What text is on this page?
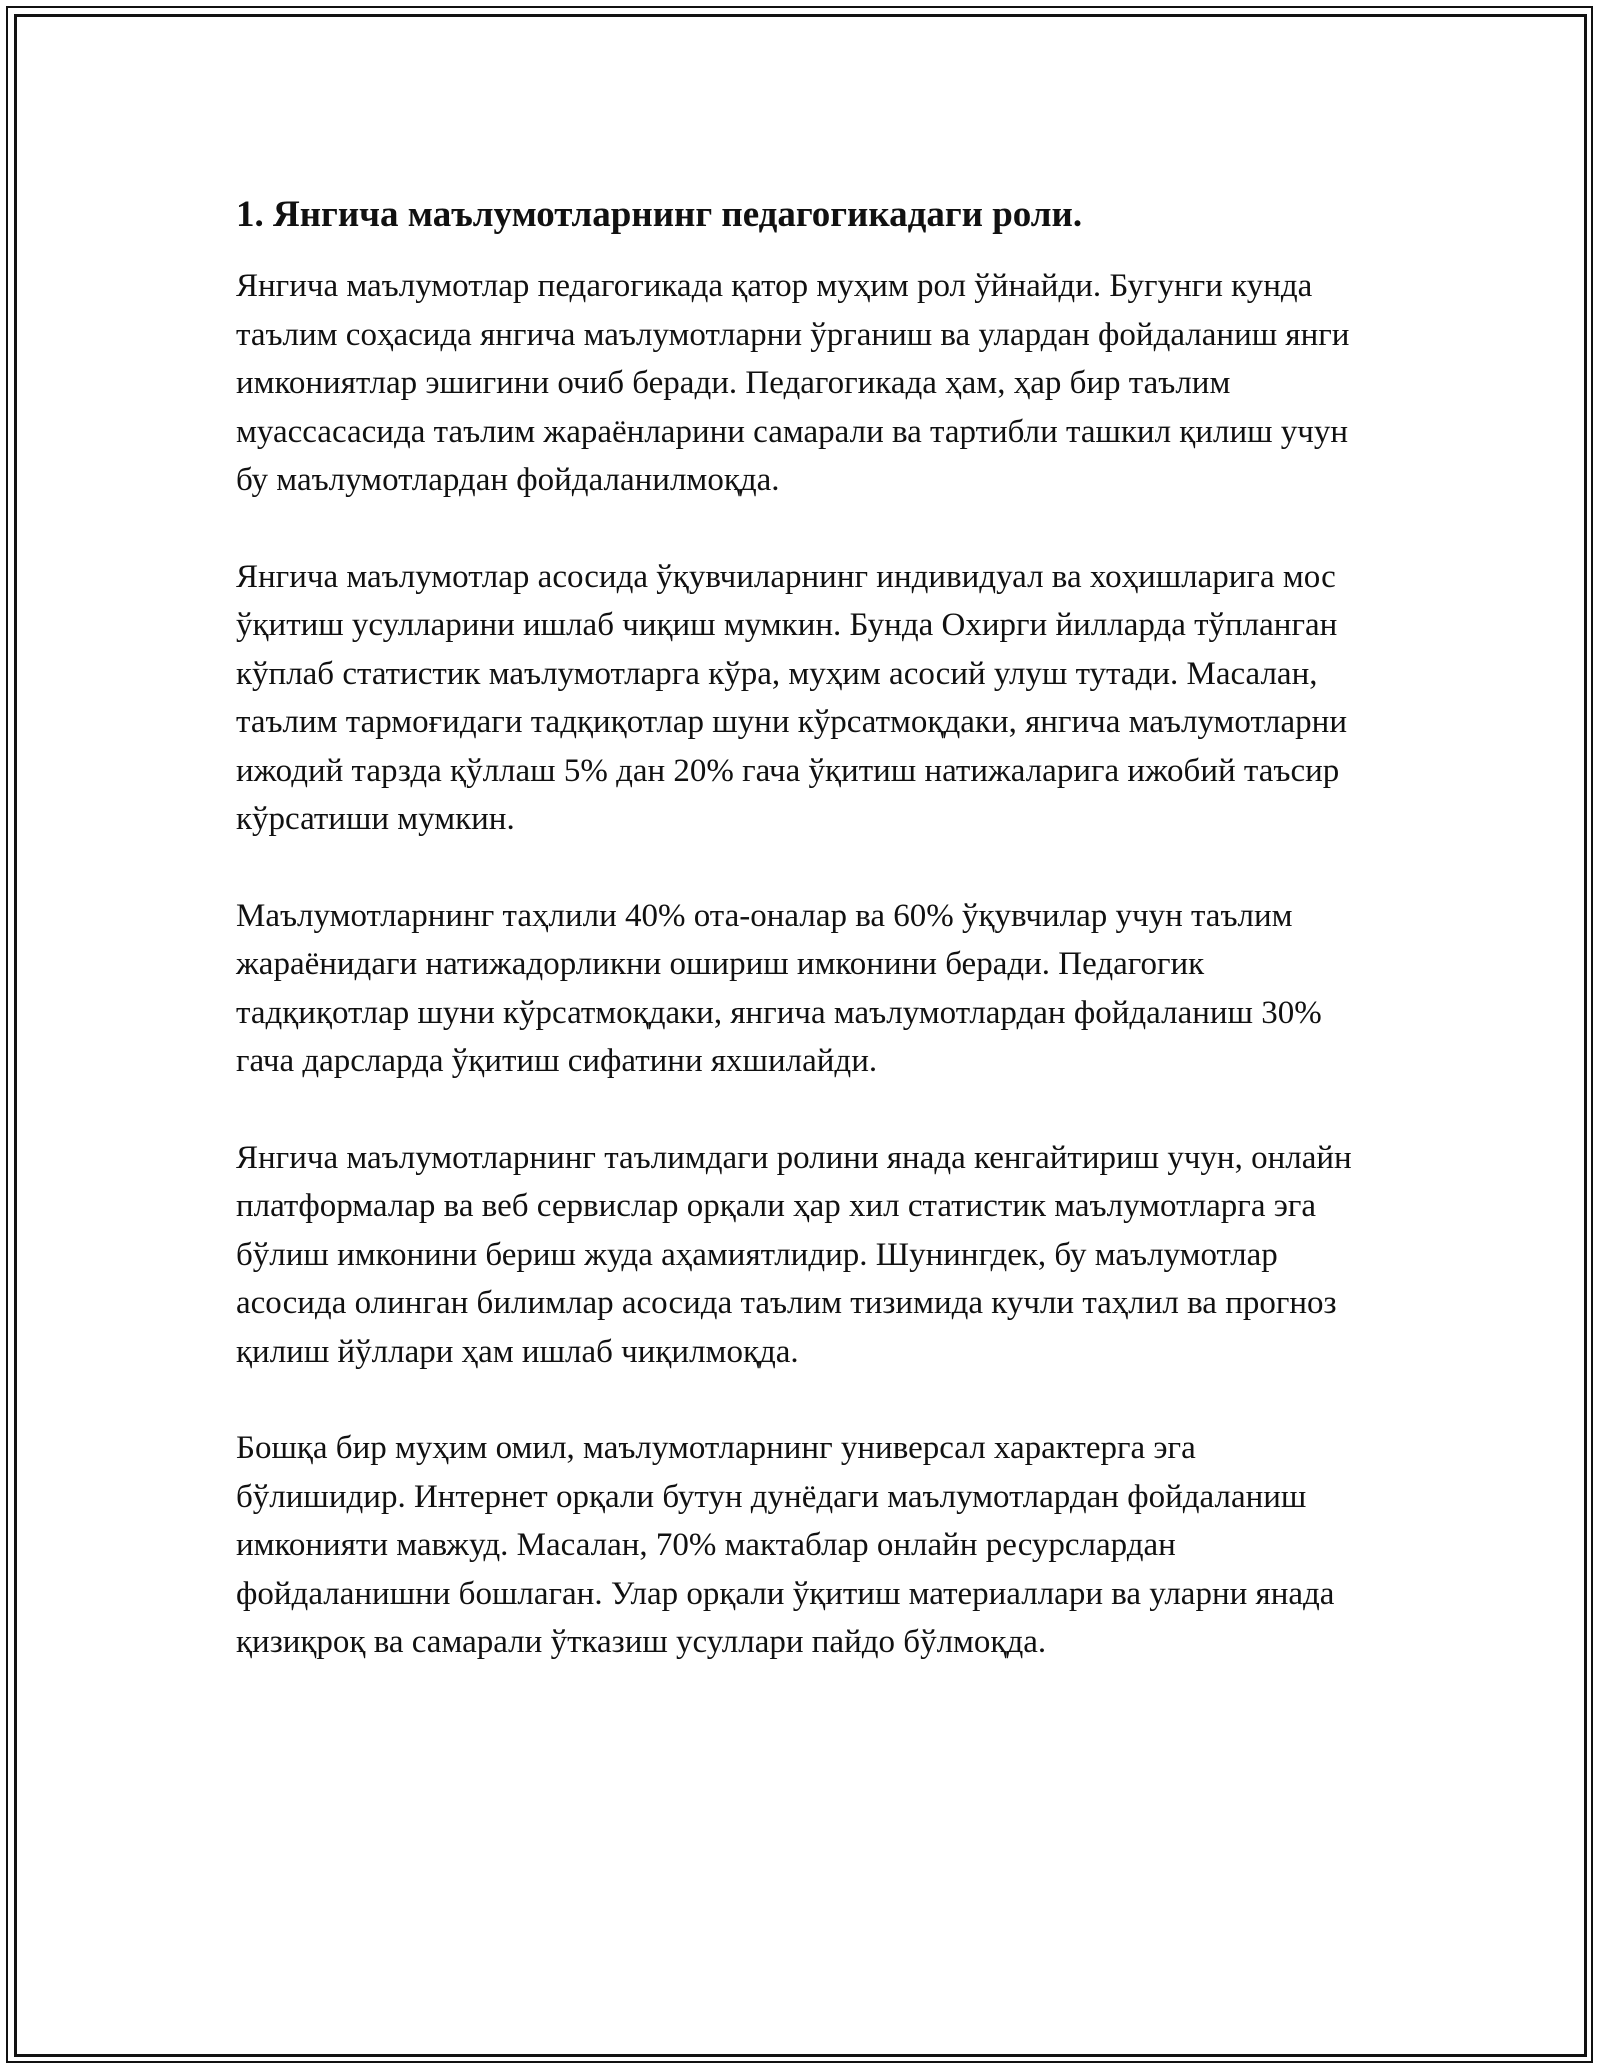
1. Янгича маълумотларнинг педагогикадаги роли.

Янгича маълумотлар педагогикада қатор муҳим рол ўйнайди. Бугунги кунда таълим соҳасида янгича маълумотларни ўрганиш ва улардан фойдаланиш янги имкониятлар эшигини очиб беради. Педагогикада ҳам, ҳар бир таълим муассасасида таълим жараёнларини самарали ва тартибли ташкил қилиш учун бу маълумотлардан фойдаланилмоқда.

Янгича маълумотлар асосида ўқувчиларнинг индивидуал ва хоҳишларига мос ўқитиш усулларини ишлаб чиқиш мумкин. Бунда Охирги йилларда тўпланган кўплаб статистик маълумотларга кўра, муҳим асосий улуш тутади. Масалан, таълим тармоғидаги тадқиқотлар шуни кўрсатмоқдаки, янгича маълумотларни ижодий тарзда қўллаш 5% дан 20% гача ўқитиш натижаларига ижобий таъсир кўрсатиши мумкин.

Маълумотларнинг таҳлили 40% ота-оналар ва 60% ўқувчилар учун таълим жараёнидаги натижадорликни ошириш имконини беради. Педагогик тадқиқотлар шуни кўрсатмоқдаки, янгича маълумотлардан фойдаланиш 30% гача дарсларда ўқитиш сифатини яхшилайди.

Янгича маълумотларнинг таълимдаги ролини янада кенгайтириш учун, онлайн платформалар ва веб сервислар орқали ҳар хил статистик маълумотларга эга бўлиш имконини бериш жуда аҳамиятлидир. Шунингдек, бу маълумотлар асосида олинган билимлар асосида таълим тизимида кучли таҳлил ва прогноз қилиш йўллари ҳам ишлаб чиқилмоқда.

Бошқа бир муҳим омил, маълумотларнинг универсал характерга эга бўлишидир. Интернет орқали бутун дунёдаги маълумотлардан фойдаланиш имконияти мавжуд. Масалан, 70% мактаблар онлайн ресурслардан фойдаланишни бошлаган. Улар орқали ўқитиш материаллари ва уларни янада қизиқроқ ва самарали ўтказиш усуллари пайдо бўлмоқда.
